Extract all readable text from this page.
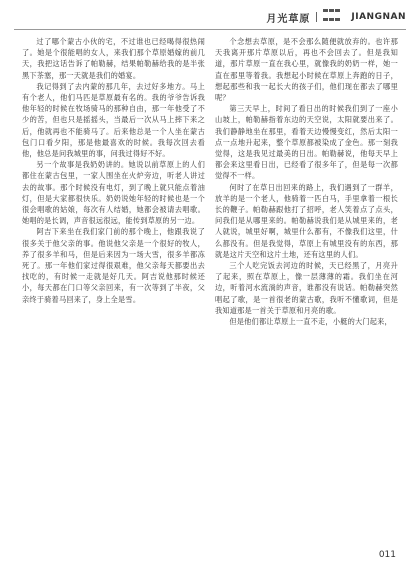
月光草原	JIANGNAN

过了哪个蒙古小伙的宅，不过谁也已经喝得很热闹了。她是个很能唱的女人，来我们那个草原婚嫁的前几天，我把这话告诉了帕勒赫，结果帕勒赫给我的是半张黑下茶塞，那一天就是我们的婚宴。

我记得到了去内蒙的那几年，去过好多地方。马上有个老人，他们马匹是草原最有名的。我的爷爷告诉我他年轻的时候在牧场骑马的那种自由，那一年他受了不少的苦，但也只是摇摇头，当最后一次从马上摔下来之后，他就再也不能骑马了。后来他总是一个人坐在蒙古包门口看夕阳，那是他最喜欢的时候。我每次回去看他，他总是问我城里的事，问我过得好不好。

另一个故事是我奶奶讲的。她说以前草原上的人们都住在蒙古包里，一家人围坐在火炉旁边，听老人讲过去的故事。那个时候没有电灯，到了晚上就只能点着油灯，但是大家都很快乐。奶奶说她年轻的时候也是一个很会唱歌的姑娘，每次有人结婚，她都会被请去唱歌。她唱的是长调，声音很远很远，能传到草原的另一边。

阿吉下来坐在我们家门前的那个晚上，他跟我说了很多关于他父亲的事。他说他父亲是一个很好的牧人，养了很多羊和马，但是后来因为一场大雪，很多羊都冻死了。那一年他们家过得很艰难，他父亲每天都要出去找吃的，有时候一走就是好几天。阿吉说他那时候还小，每天都在门口等父亲回来，有一次等到了半夜，父亲终于骑着马回来了，身上全是雪。

个念想去草原，是不会那么随便就放弃的。也许那天我离开那片草原以后，再也不会回去了。但是我知道，那片草原一直在我心里，就像我的奶奶一样，她一直在那里等着我。我想起小时候在草原上奔跑的日子，想起那些和我一起长大的孩子们，他们现在都去了哪里呢？

第三天早上，时间了看日出的时候我们到了一座小山坡上，帕勒赫指着东边的天空说，太阳就要出来了。我们静静地坐在那里，看着天边慢慢变红，然后太阳一点一点地升起来，整个草原都被染成了金色。那一刻我觉得，这是我见过最美的日出。帕勒赫说，他每天早上都会来这里看日出，已经看了很多年了，但是每一次都觉得不一样。

何时了在草日出回来的路上，我们遇到了一群羊，放羊的是一个老人，他骑着一匹白马，手里拿着一根长长的鞭子。帕勒赫跟他打了招呼，老人笑着点了点头，问我们是从哪里来的。帕勒赫说我们是从城里来的，老人就说，城里好啊，城里什么都有，不像我们这里，什么都没有。但是我觉得，草原上有城里没有的东西，那就是这片天空和这片土地，还有这里的人们。

三个人吃完饭去河边的时候，天已经黑了，月亮升了起来，照在草原上，像一层薄薄的霜。我们坐在河边，听着河水流淌的声音，谁都没有说话。帕勒赫突然唱起了歌，是一首很老的蒙古歌，我听不懂歌词，但是我知道那是一首关于草原和月亮的歌。

但是他们都让草原上一直不走，小艇的大门起来，

011
